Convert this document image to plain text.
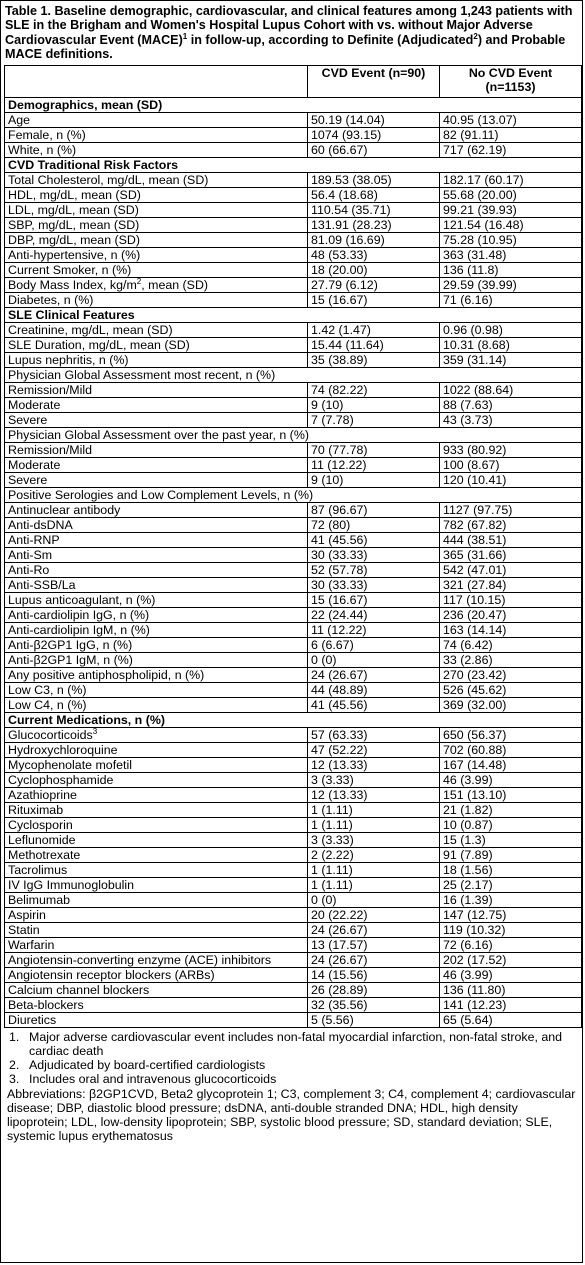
Table 1. Baseline demographic, cardiovascular, and clinical features among 1,243 patients with SLE in the Brigham and Women's Hospital Lupus Cohort with vs. without Major Adverse Cardiovascular Event (MACE)$^1$ in follow-up, according to Definite (Adjudicated$^2$) and Probable MACE definitions.
	CVD Event (n=90)	No CVD Event
(n=1153)
Demographics, mean (SD)		
Age	50.19 (14.04)	40.95 (13.07)
Female, n (%)	1074 (93.15)	82 (91.11)
White, n (%)	60 (66.67)	717 (62.19)
CVD Traditional Risk Factors		
Total Cholesterol, mg/dL, mean (SD)	189.53 (38.05)	182.17 (60.17)
HDL, mg/dL, mean (SD)	56.4 (18.68)	55.68 (20.00)
LDL, mg/dL, mean (SD)	110.54 (35.71)	99.21 (39.93)
SBP, mg/dL, mean (SD)	131.91 (28.23)	121.54 (16.48)
DBP, mg/dL, mean (SD)	81.09 (16.69)	75.28 (10.95)
Anti-hypertensive, n (%)	48 (53.33)	363 (31.48)
Current Smoker, n (%)	18 (20.00)	136 (11.8)
Body Mass Index, $kg/m^2$, mean (SD)	27.79 (6.12)	29.59 (39.99)
Diabetes, n (%)	15 (16.67)	71 (6.16)
SLE Clinical Features		
Creatinine, mg/dL, mean (SD)	1.42 (1.47)	0.96 (0.98)
SLE Duration, mg/dL, mean (SD)	15.44 (11.64)	10.31 (8.68)
Lupus nephritis, n (%)	35 (38.89)	359 (31.14)
Physician Global Assessment most recent, n (%)		
Remission/Mild	74 (82.22)	1022 (88.64)
Moderate	9 (10)	88 (7.63)
Severe	7 (7.78)	43 (3.73)
Physician Global Assessment over the past year, n (%)		
Remission/Mild	70 (77.78)	933 (80.92)
Moderate	11 (12.22)	100 (8.67)
Severe	9 (10)	120 (10.41)
Positive Serologies and Low Complement Levels, n (%)		
Antinuclear antibody	87 (96.67)	1127 (97.75)
Anti-dsDNA	72 (80)	782 (67.82)
Anti-RNP	41 (45.56)	444 (38.51)
Anti-Sm	30 (33.33)	365 (31.66)
Anti-Ro	52 (57.78)	542 (47.01)
Anti-SSB/La	30 (33.33)	321 (27.84)
Lupus anticoagulant, n (%)	15 (16.67)	117 (10.15)
Anti-cardiolipin IgG, n (%)	22 (24.44)	236 (20.47)
Anti-cardiolipin IgM, n (%)	11 (12.22)	163 (14.14)
Anti-β2GP1 IgG, n (%)	6 (6.67)	74 (6.42)
Anti-β2GP1 IgM, n (%)	0 (0)	33 (2.86)
Any positive antiphospholipid, n (%)	24 (26.67)	270 (23.42)
Low C3, n (%)	44 (48.89)	526 (45.62)
Low C4, n (%)	41 (45.56)	369 (32.00)
Current Medications, n (%)		
Glucocorticoids$^3$	57 (63.33)	650 (56.37)
Hydroxychloroquine	47 (52.22)	702 (60.88)
Mycophenolate mofetil	12 (13.33)	167 (14.48)
Cyclophosphamide	3 (3.33)	46 (3.99)
Azathioprine	12 (13.33)	151 (13.10)
Rituximab	1 (1.11)	21 (1.82)
Cyclosporin	1 (1.11)	10 (0.87)
Leflunomide	3 (3.33)	15 (1.3)
Methotrexate	2 (2.22)	91 (7.89)
Tacrolimus	1 (1.11)	18 (1.56)
IV IgG Immunoglobulin	1 (1.11)	25 (2.17)
Belimumab	0 (0)	16 (1.39)
Aspirin	20 (22.22)	147 (12.75)
Statin	24 (26.67)	119 (10.32)
Warfarin	13 (17.57)	72 (6.16)
Angiotensin-converting enzyme (ACE) inhibitors	24 (26.67)	202 (17.52)
Angiotensin receptor blockers (ARBs)	14 (15.56)	46 (3.99)
Calcium channel blockers	26 (28.89)	136 (11.80)
Beta-blockers	32 (35.56)	141 (12.23)
Diuretics	5 (5.56)	65 (5.64)
1. Major adverse cardiovascular event includes non-fatal myocardial infarction, non-fatal stroke, and cardiac death
2. Adjudicated by board-certified cardiologists
3. Includes oral and intravenous glucocorticoids
Abbreviations: β2GP1CVD, Beta2 glycoprotein 1; C3, complement 3; C4, complement 4; cardiovascular disease; DBP, diastolic blood pressure; dsDNA, anti-double stranded DNA; HDL, high density lipoprotein; LDL, low-density lipoprotein; SBP, systolic blood pressure; SD, standard deviation; SLE, systemic lupus erythematosus
